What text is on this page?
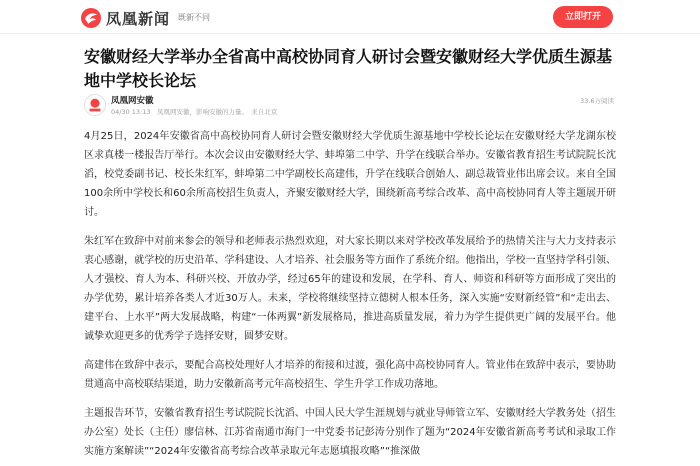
凤凰新闻 既新不同	立即打开
安徽财经大学举办全省高中高校协同育人研讨会暨安徽财经大学优质生源基地中学校长论坛
凤凰网安徽
04/30 13:13　凤凰网安徽，影响安徽的力量。　来自北京
33.6万阅读

4月25日，2024年安徽省高中高校协同育人研讨会暨安徽财经大学优质生源基地中学校长论坛在安徽财经大学龙湖东校区求真楼一楼报告厅举行。本次会议由安徽财经大学、蚌埠第二中学、升学在线联合举办。安徽省教育招生考试院院长沈滔，校党委副书记、校长朱红军，蚌埠第二中学副校长高建伟，升学在线联合创始人、副总裁管业伟出席会议。来自全国100余所中学校长和60余所高校招生负责人，齐聚安徽财经大学，围绕新高考综合改革、高中高校协同育人等主题展开研讨。

朱红军在致辞中对前来参会的领导和老师表示热烈欢迎，对大家长期以来对学校改革发展给予的热情关注与大力支持表示衷心感谢，就学校的历史沿革、学科建设、人才培养、社会服务等方面作了系统介绍。他指出，学校一直坚持学科引领、人才强校、育人为本、科研兴校、开放办学，经过65年的建设和发展，在学科、育人、师资和科研等方面形成了突出的办学优势，累计培养各类人才近30万人。未来，学校将继续坚持立德树人根本任务，深入实施“安财新经管”和“走出去、建平台、上水平”两大发展战略，构建“一体两翼”新发展格局，推进高质量发展，着力为学生提供更广阔的发展平台。他诚挚欢迎更多的优秀学子选择安财，圆梦安财。

高建伟在致辞中表示，要配合高校处理好人才培养的衔接和过渡，强化高中高校协同育人。管业伟在致辞中表示，要协助贯通高中高校联结渠道，助力安徽新高考元年高校招生、学生升学工作成功落地。

主题报告环节，安徽省教育招生考试院院长沈滔、中国人民大学生涯规划与就业导师管立军、安徽财经大学教务处（招生办公室）处长（主任）廖信林、江苏省南通市海门一中党委书记彭涛分别作了题为“2024年安徽省新高考考试和录取工作实施方案解读”“2024年安徽省高考综合改革录取元年志愿填报攻略”“推深做
